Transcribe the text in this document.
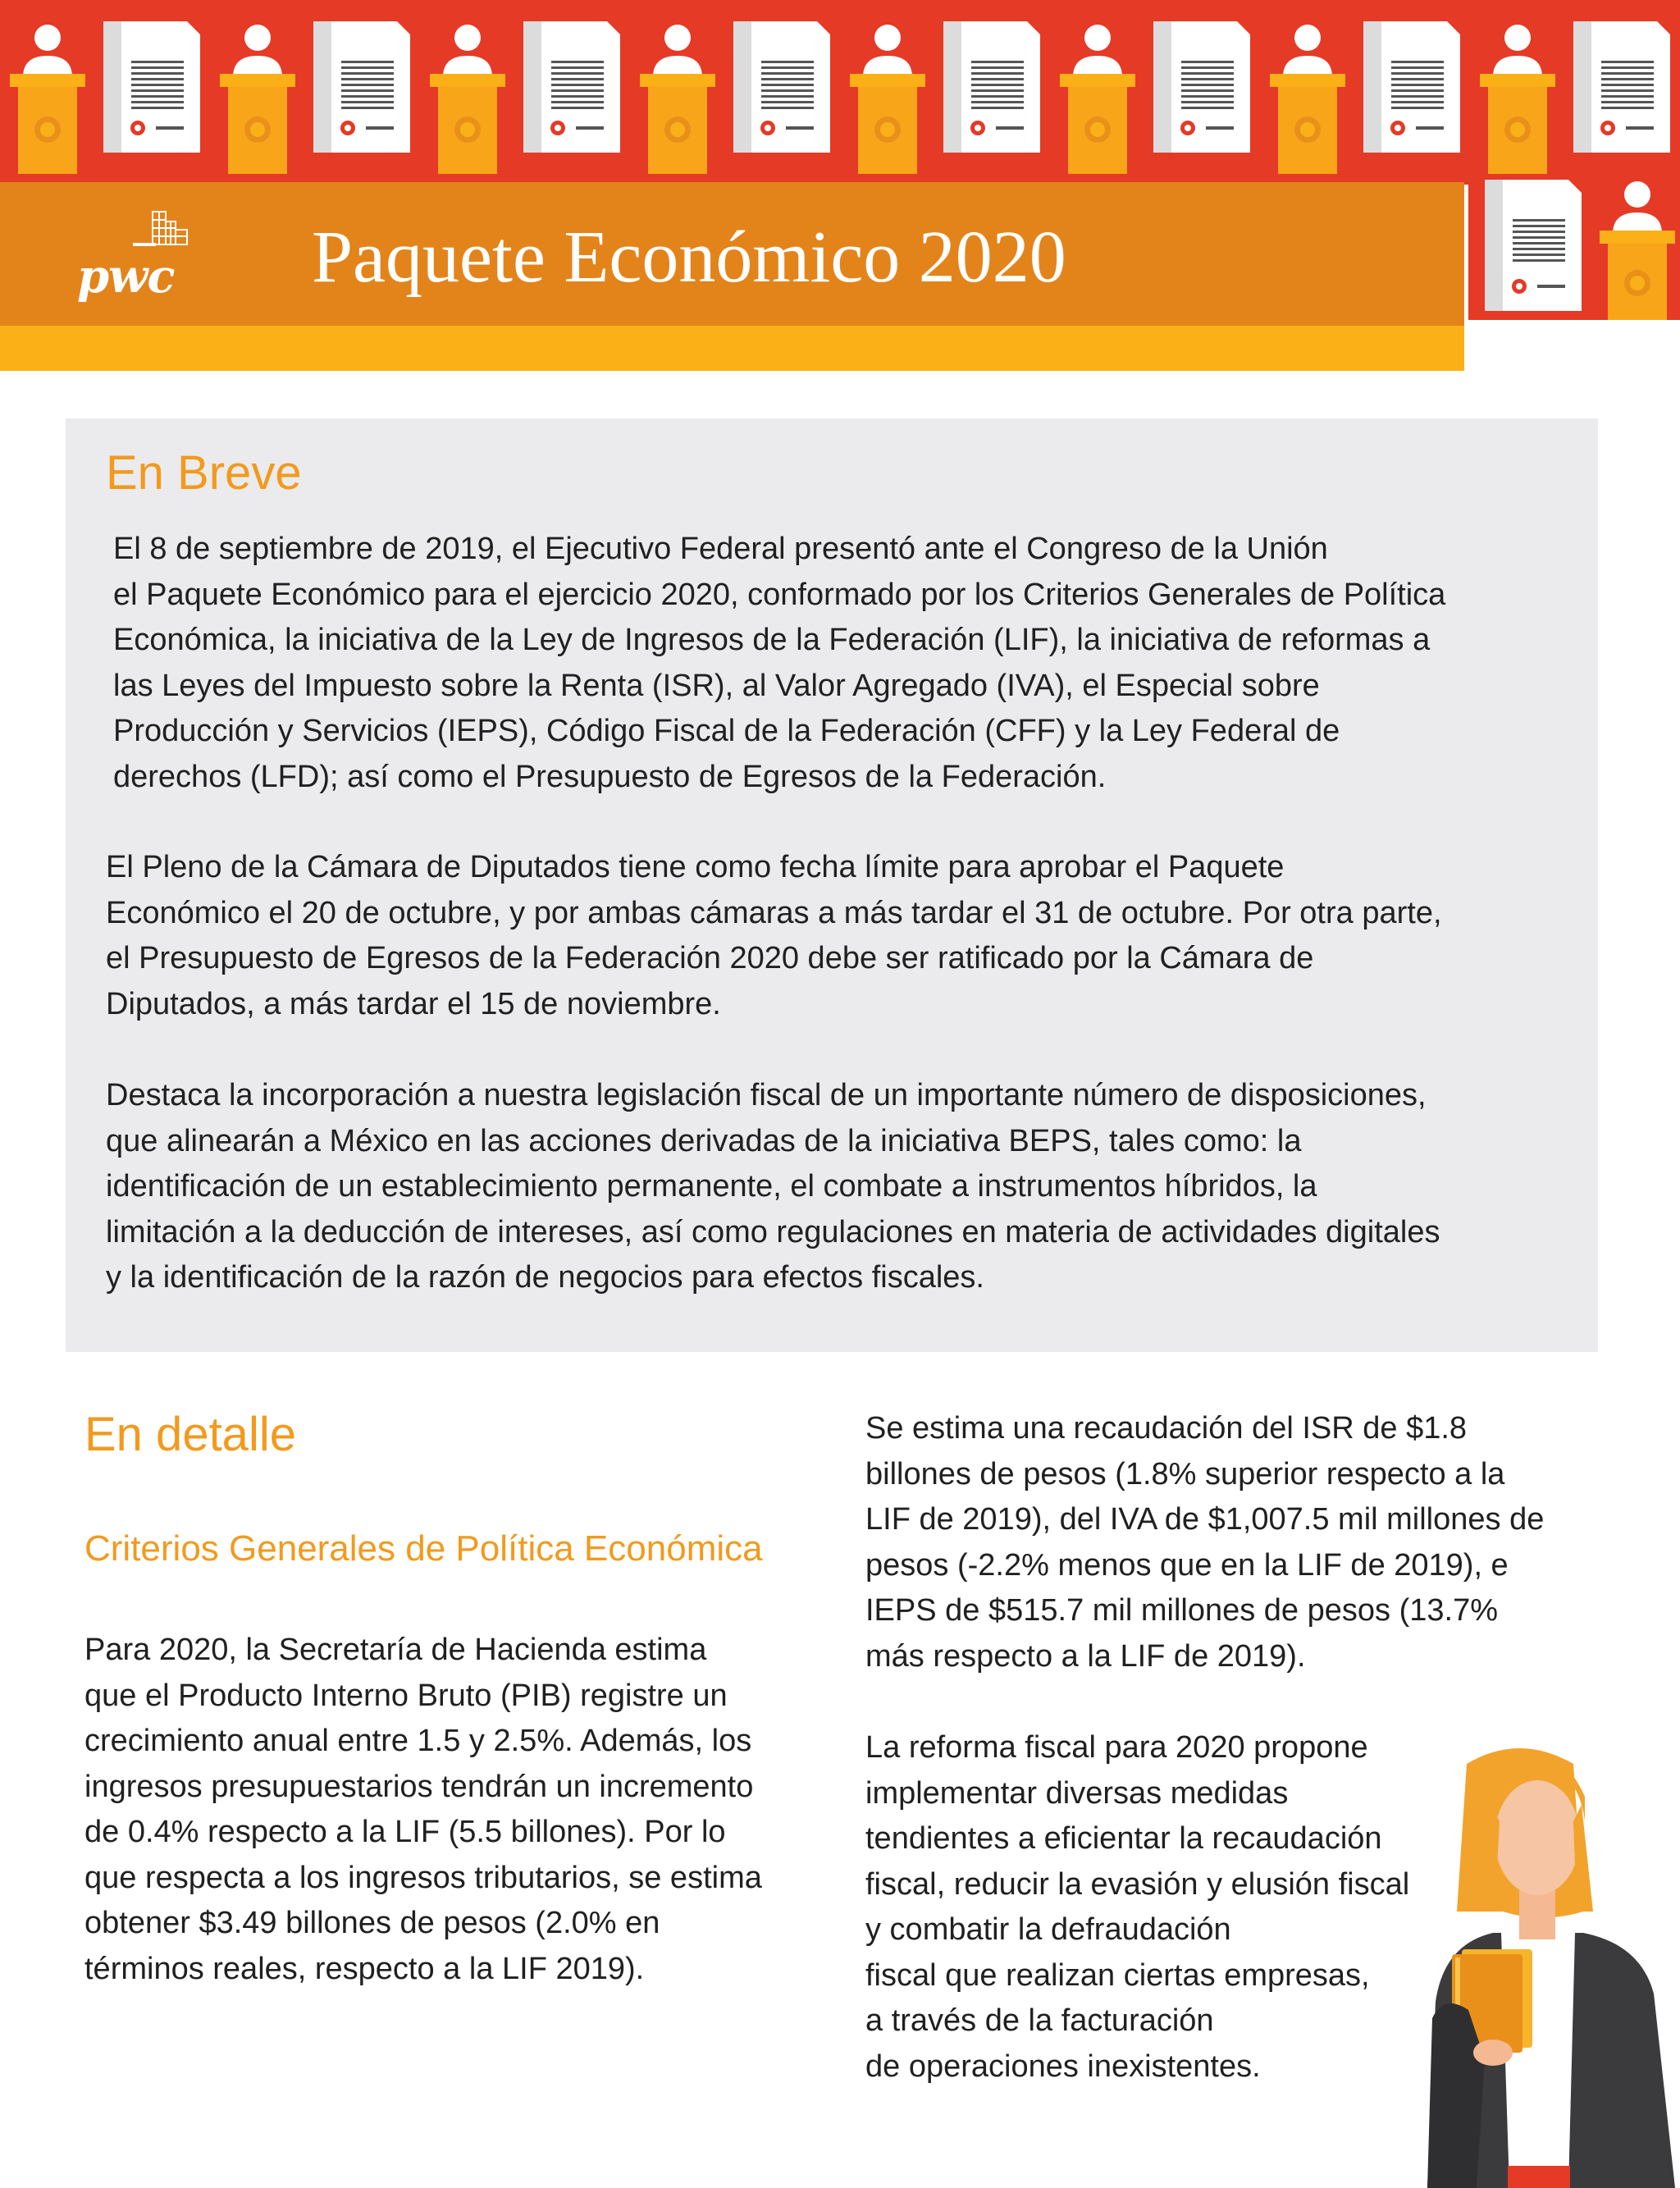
pwc Paquete Económico 2020
En Breve

El 8 de septiembre de 2019, el Ejecutivo Federal presentó ante el Congreso de la Unión
el Paquete Económico para el ejercicio 2020, conformado por los Criterios Generales de Política
Económica, la iniciativa de la Ley de Ingresos de la Federación (LIF), la iniciativa de reformas a
las Leyes del Impuesto sobre la Renta (ISR), al Valor Agregado (IVA), el Especial sobre
Producción y Servicios (IEPS), Código Fiscal de la Federación (CFF) y la Ley Federal de
derechos (LFD); así como el Presupuesto de Egresos de la Federación.

El Pleno de la Cámara de Diputados tiene como fecha límite para aprobar el Paquete
Económico el 20 de octubre, y por ambas cámaras a más tardar el 31 de octubre. Por otra parte,
el Presupuesto de Egresos de la Federación 2020 debe ser ratificado por la Cámara de
Diputados, a más tardar el 15 de noviembre.

Destaca la incorporación a nuestra legislación fiscal de un importante número de disposiciones,
que alinearán a México en las acciones derivadas de la iniciativa BEPS, tales como: la
identificación de un establecimiento permanente, el combate a instrumentos híbridos, la
limitación a la deducción de intereses, así como regulaciones en materia de actividades digitales
y la identificación de la razón de negocios para efectos fiscales.

En detalle
Criterios Generales de Política Económica

Para 2020, la Secretaría de Hacienda estima
que el Producto Interno Bruto (PIB) registre un
crecimiento anual entre 1.5 y 2.5%. Además, los
ingresos presupuestarios tendrán un incremento
de 0.4% respecto a la LIF (5.5 billones). Por lo
que respecta a los ingresos tributarios, se estima
obtener $3.49 billones de pesos (2.0% en
términos reales, respecto a la LIF 2019).

Se estima una recaudación del ISR de $1.8
billones de pesos (1.8% superior respecto a la
LIF de 2019), del IVA de $1,007.5 mil millones de
pesos (-2.2% menos que en la LIF de 2019), e
IEPS de $515.7 mil millones de pesos (13.7%
más respecto a la LIF de 2019).

La reforma fiscal para 2020 propone
implementar diversas medidas
tendientes a eficientar la recaudación
fiscal, reducir la evasión y elusión fiscal
y combatir la defraudación
fiscal que realizan ciertas empresas,
a través de la facturación
de operaciones inexistentes.
